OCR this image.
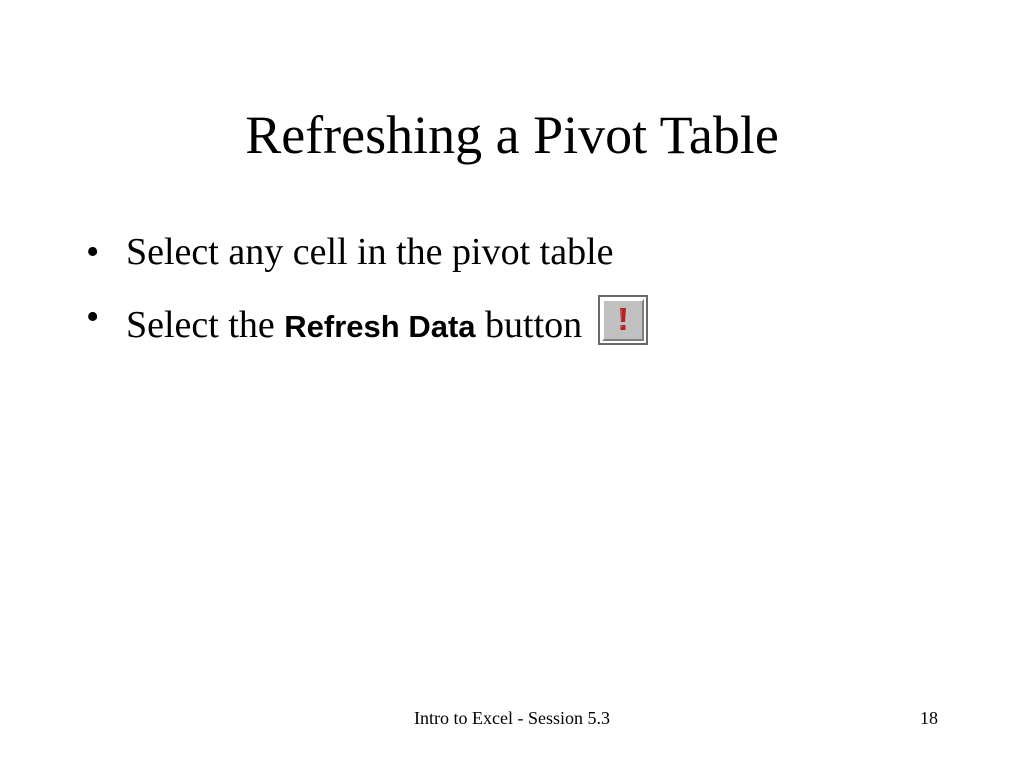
Refreshing a Pivot Table
• Select any cell in the pivot table
• Select the Refresh Data button
Intro to Excel - Session 5.3	18
